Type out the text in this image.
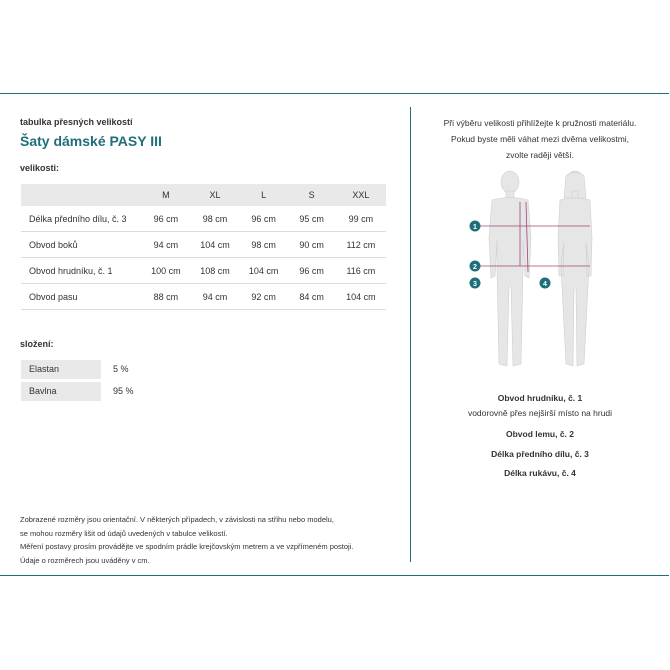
tabulka přesných velikostí
Šaty dámské PASY III
velikosti:
	M	XL	L	S	XXL
Délka předního dílu, č. 3	96 cm	98 cm	96 cm	95 cm	99 cm
Obvod boků	94 cm	104 cm	98 cm	90 cm	112 cm
Obvod hrudníku, č. 1	100 cm	108 cm	104 cm	96 cm	116 cm
Obvod pasu	88 cm	94 cm	92 cm	84 cm	104 cm
složení:
Elastan	5 %
Bavlna	95 %
Zobrazené rozměry jsou orientační. V některých případech, v závislosti na střihu nebo modelu,
se mohou rozměry lišit od údajů uvedených v tabulce velikostí.
Měření postavy prosím provádějte ve spodním prádle krejčovským metrem a ve vzpřímeném postoji.
Údaje o rozměrech jsou uváděny v cm.
Při výběru velikosti přihlížejte k pružnosti materiálu.
Pokud byste měli váhat mezi dvěma velikostmi,
zvolte raději větší.
1
2
3	4
Obvod hrudníku, č. 1
vodorovně přes nejširší místo na hrudi
Obvod lemu, č. 2
Délka předního dílu, č. 3
Délka rukávu, č. 4
